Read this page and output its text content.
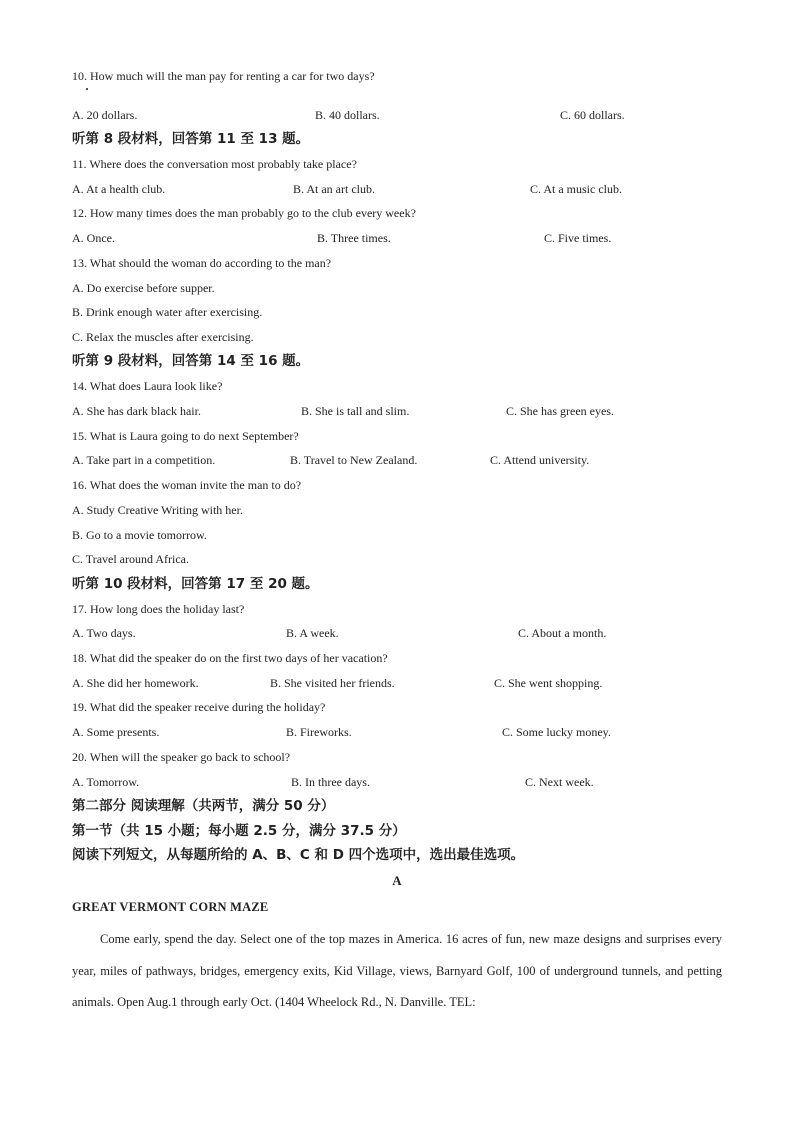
10. How much will the man pay for renting a car for two days?
A. 20 dollars.	B. 40 dollars.	C. 60 dollars.
听第 8 段材料，回答第 11 至 13 题。
11. Where does the conversation most probably take place?
A. At a health club.	B. At an art club.	C. At a music club.
12. How many times does the man probably go to the club every week?
A. Once.	B. Three times.	C. Five times.
13. What should the woman do according to the man?
A. Do exercise before supper.
B. Drink enough water after exercising.
C. Relax the muscles after exercising.
听第 9 段材料，回答第 14 至 16 题。
14. What does Laura look like?
A. She has dark black hair.	B. She is tall and slim.	C. She has green eyes.
15. What is Laura going to do next September?
A. Take part in a competition.	B. Travel to New Zealand.	C. Attend university.
16. What does the woman invite the man to do?
A. Study Creative Writing with her.
B. Go to a movie tomorrow.
C. Travel around Africa.
听第 10 段材料，回答第 17 至 20 题。
17. How long does the holiday last?
A. Two days.	B. A week.	C. About a month.
18. What did the speaker do on the first two days of her vacation?
A. She did her homework.	B. She visited her friends.	C. She went shopping.
19. What did the speaker receive during the holiday?
A. Some presents.	B. Fireworks.	C. Some lucky money.
20. When will the speaker go back to school?
A. Tomorrow.	B. In three days.	C. Next week.
第二部分 阅读理解（共两节，满分 50 分）
第一节（共 15 小题；每小题 2.5 分，满分 37.5 分）
阅读下列短文，从每题所给的 A、B、C 和 D 四个选项中，选出最佳选项。
A
GREAT VERMONT CORN MAZE
Come early, spend the day. Select one of the top mazes in America. 16 acres of fun, new maze designs and surprises every year, miles of pathways, bridges, emergency exits, Kid Village, views, Barnyard Golf, 100 of underground tunnels, and petting animals. Open Aug.1 through early Oct. (1404 Wheelock Rd., N. Danville. TEL:
